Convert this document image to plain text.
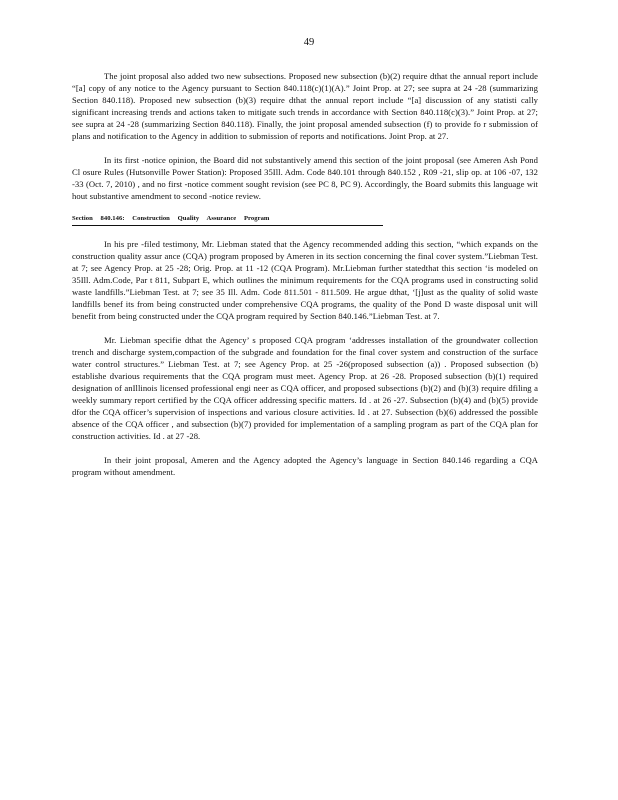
49

The joint proposal also added two new subsections. Proposed new subsection (b)(2) require dthat the annual report include “[a] copy of any notice to the Agency pursuant to Section 840.118(c)(1)(A).” Joint Prop. at 27; see supra at 24 -28 (summarizing Section 840.118). Proposed new subsection (b)(3) require dthat the annual report include “[a] discussion of any statisti cally significant increasing trends and actions taken to mitigate such trends in accordance with Section 840.118(c)(3).” Joint Prop. at 27; see supra at 24 -28 (summarizing Section 840.118). Finally, the joint proposal amended subsection (f) to provide fo r submission of plans and notification to the Agency in addition to submission of reports and notifications. Joint Prop. at 27.

In its first -notice opinion, the Board did not substantively amend this section of the joint proposal (see Ameren Ash Pond Cl osure Rules (Hutsonville Power Station): Proposed 35Ill. Adm. Code 840.101 through 840.152 , R09 -21, slip op. at 106 -07, 132 -33 (Oct. 7, 2010) , and no first -notice comment sought revision (see PC 8, PC 9). Accordingly, the Board submits this language wit hout substantive amendment to second -notice review.

Section 840.146: Construction Quality Assurance Program

In his pre -filed testimony, Mr. Liebman stated that the Agency recommended adding this section, “which expands on the construction quality assur ance (CQA) program proposed by Ameren in its section concerning the final cover system.”Liebman Test. at 7; see Agency Prop. at 25 -28; Orig. Prop. at 11 -12 (CQA Program). Mr.Liebman further statedthat this section ‘is modeled on 35Ill. Adm.Code, Par t 811, Subpart E, which outlines the minimum requirements for the CQA programs used in constructing solid waste landfills.”Liebman Test. at 7; see 35 Ill. Adm. Code 811.501 - 811.509. He argue dthat, ‘[j]ust as the quality of solid waste landfills benef its from being constructed under comprehensive CQA programs, the quality of the Pond D waste disposal unit will benefit from being constructed under the CQA program required by Section 840.146.”Liebman Test. at 7.

Mr. Liebman specifie dthat the Agency’ s proposed CQA program ‘addresses installation of the groundwater collection trench and discharge system,compaction of the subgrade and foundation for the final cover system and construction of the surface water control structures.” Liebman Test. at 7; see Agency Prop. at 25 -26(proposed subsection (a)) . Proposed subsection (b) establishe dvarious requirements that the CQA program must meet. Agency Prop. at 26 -28. Proposed subsection (b)(1) required designation of anIllinois licensed professional engi neer as CQA officer, and proposed subsections (b)(2) and (b)(3) require dfiling a weekly summary report certified by the CQA officer addressing specific matters. Id . at 26 -27. Subsection (b)(4) and (b)(5) provide dfor the CQA officer’s supervision of inspections and various closure activities. Id . at 27. Subsection (b)(6) addressed the possible absence of the CQA officer , and subsection (b)(7) provided for implementation of a sampling program as part of the CQA plan for construction activities. Id . at 27 -28.

In their joint proposal, Ameren and the Agency adopted the Agency’s language in Section 840.146 regarding a CQA program without amendment.
